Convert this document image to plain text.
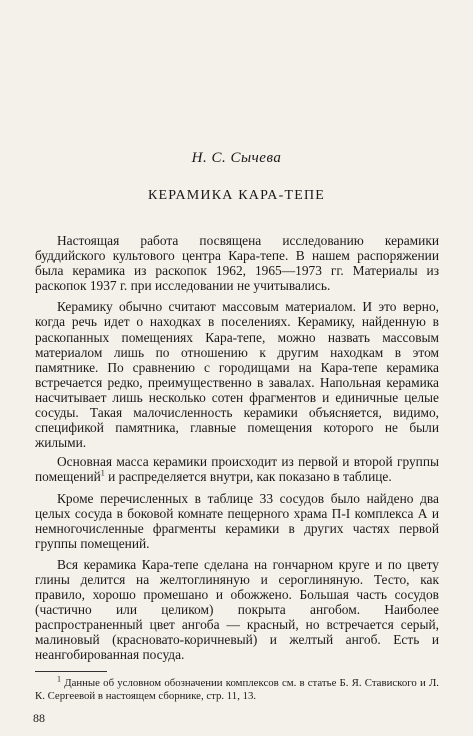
Н. С. Сычева
КЕРАМИКА КАРА-ТЕПЕ

Настоящая работа посвящена исследованию керамики буддийского культового центра Кара-тепе. В нашем распоряжении была керамика из раскопок 1962, 1965—1973 гг. Материалы из раскопок 1937 г. при исследовании не учитывались.

Керамику обычно считают массовым материалом. И это верно, когда речь идет о находках в поселениях. Керамику, найденную в раскопанных помещениях Кара-тепе, можно назвать массовым материалом лишь по отношению к другим находкам в этом памятнике. По сравнению с городищами на Кара-тепе керамика встречается редко, преимущественно в завалах. Напольная керамика насчитывает лишь несколько сотен фрагментов и единичные целые сосуды. Такая малочисленность керамики объясняется, видимо, спецификой памятника, главные помещения которого не были жилыми.

Основная масса керамики происходит из первой и второй группы помещений$^1$ и распределяется внутри, как показано в таблице.

Кроме перечисленных в таблице 33 сосудов было найдено два целых сосуда в боковой комнате пещерного храма П-I комплекса А и немногочисленные фрагменты керамики в других частях первой группы помещений.

Вся керамика Кара-тепе сделана на гончарном круге и по цвету глины делится на желтоглиняную и сероглиняную. Тесто, как правило, хорошо промешано и обожжено. Большая часть сосудов (частично или целиком) покрыта ангобом. Наиболее распространенный цвет ангоба — красный, но встречается серый, малиновый (красновато-коричневый) и желтый ангоб. Есть и неангобированная посуда.

$^1$ Данные об условном обозначении комплексов см. в статье Б. Я. Ставиского и Л. К. Сергеевой в настоящем сборнике, стр. 11, 13.
88
